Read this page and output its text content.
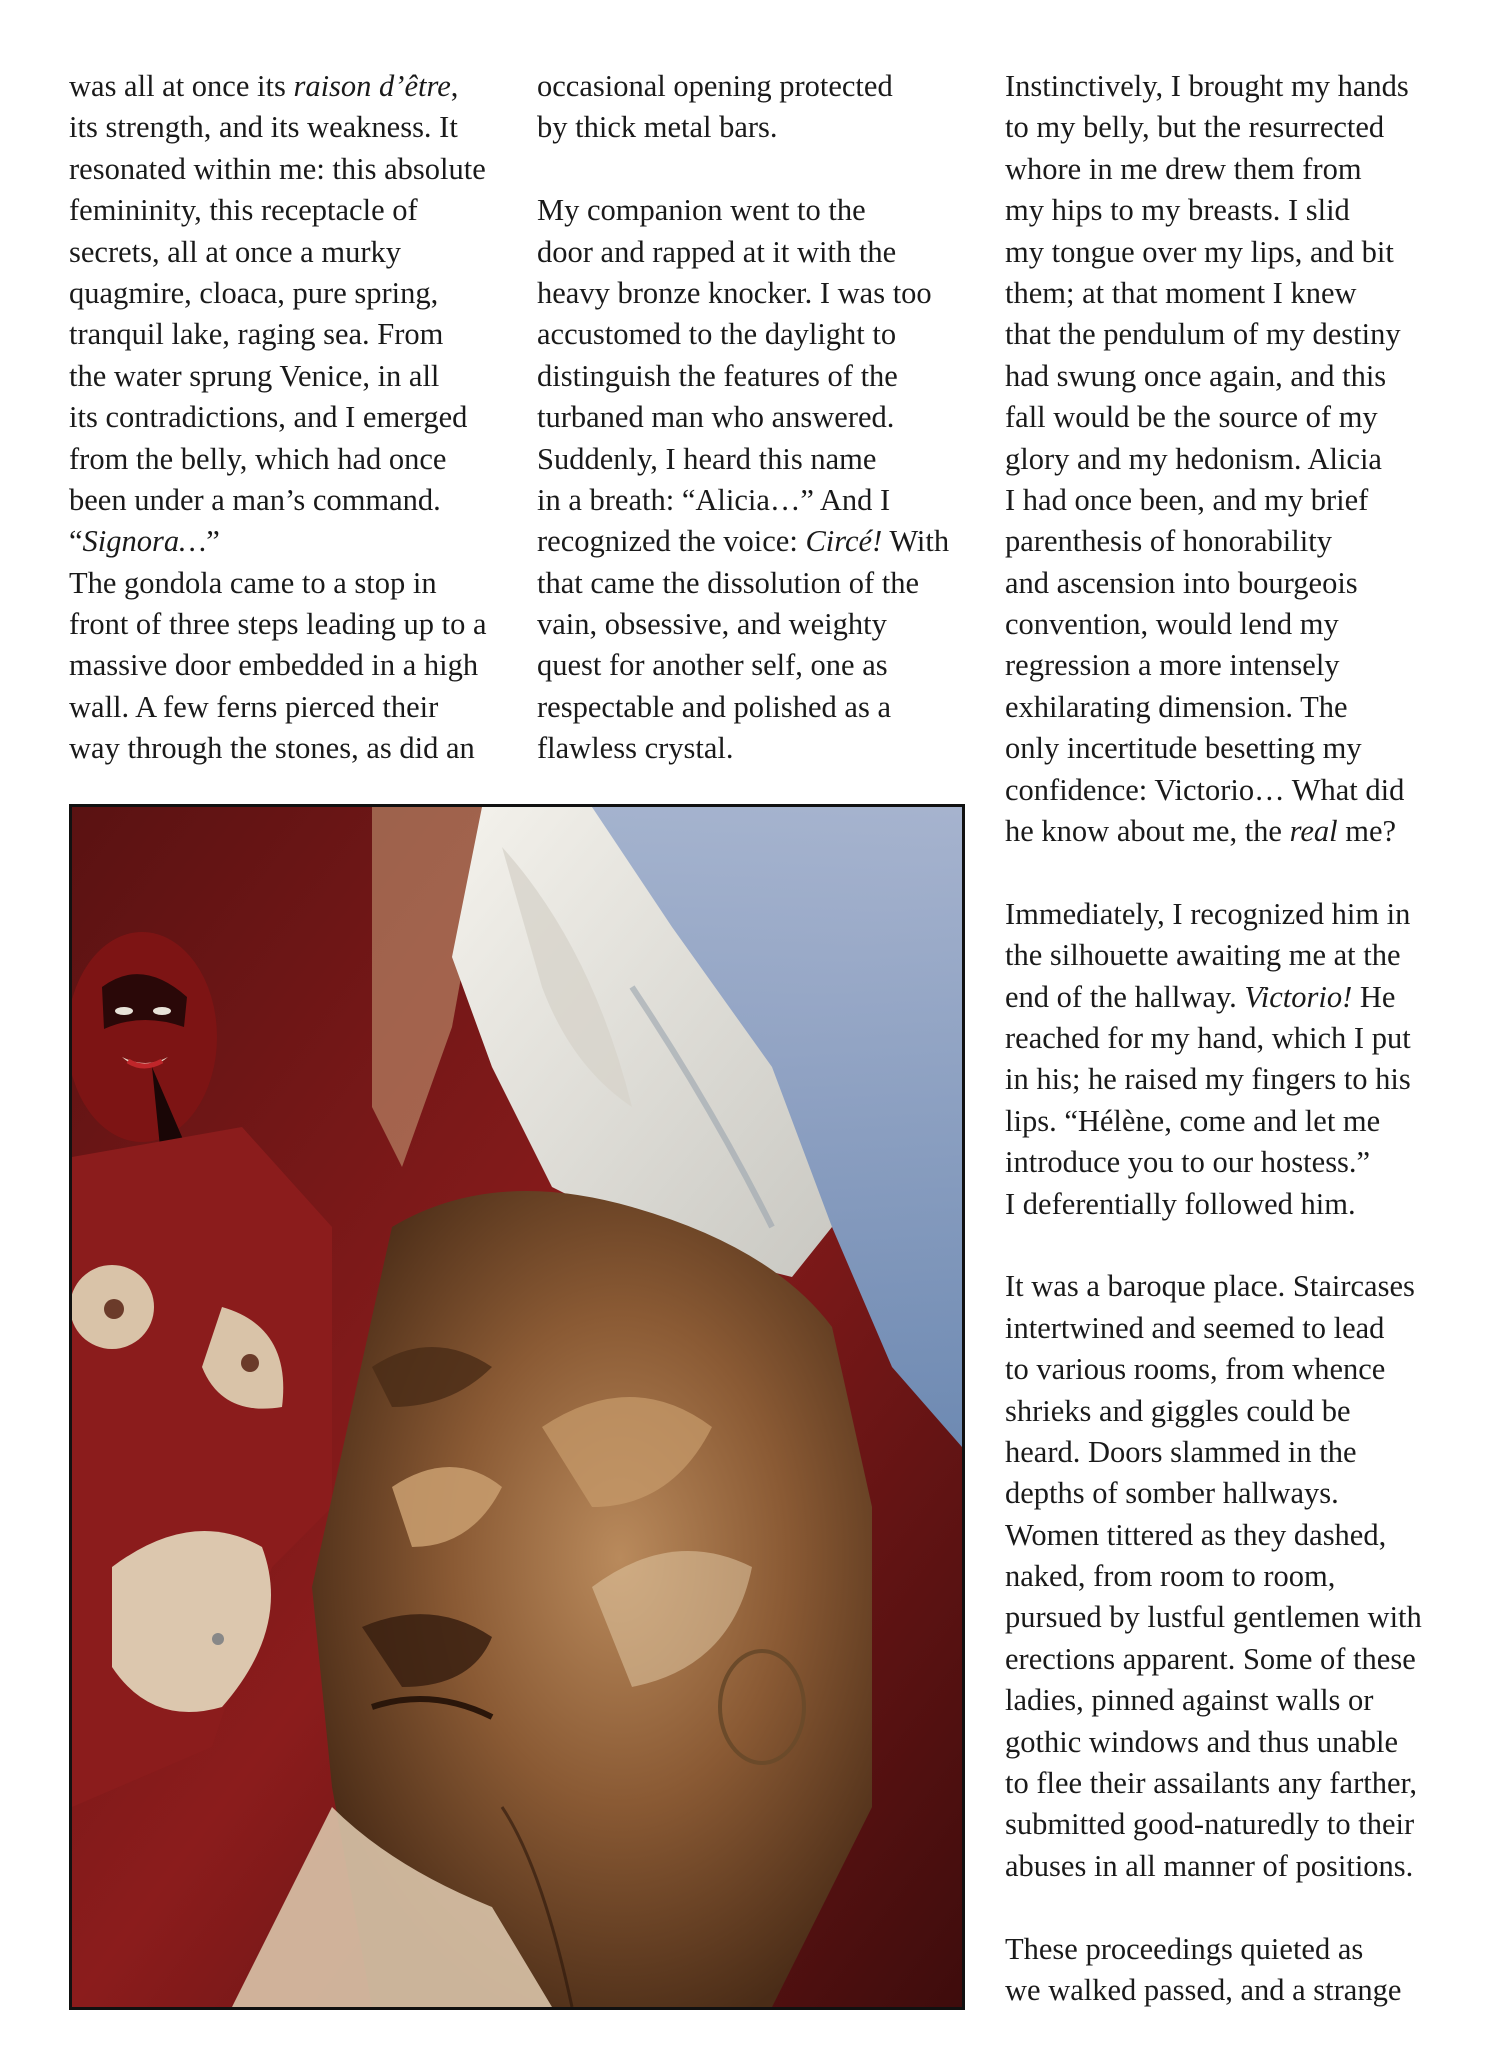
was all at once its raison d’être,
its strength, and its weakness. It
resonated within me: this absolute
femininity, this receptacle of
secrets, all at once a murky
quagmire, cloaca, pure spring,
tranquil lake, raging sea. From
the water sprung Venice, in all
its contradictions, and I emerged
from the belly, which had once
been under a man’s command.
“Signora…”
The gondola came to a stop in
front of three steps leading up to a
massive door embedded in a high
wall. A few ferns pierced their
way through the stones, as did an
occasional opening protected
by thick metal bars.
My companion went to the
door and rapped at it with the
heavy bronze knocker. I was too
accustomed to the daylight to
distinguish the features of the
turbaned man who answered.
Suddenly, I heard this name
in a breath: “Alicia…” And I
recognized the voice: Circé! With
that came the dissolution of the
vain, obsessive, and weighty
quest for another self, one as
respectable and polished as a
flawless crystal.
Instinctively, I brought my hands
to my belly, but the resurrected
whore in me drew them from
my hips to my breasts. I slid
my tongue over my lips, and bit
them; at that moment I knew
that the pendulum of my destiny
had swung once again, and this
fall would be the source of my
glory and my hedonism. Alicia
I had once been, and my brief
parenthesis of honorability
and ascension into bourgeois
convention, would lend my
regression a more intensely
exhilarating dimension. The
only incertitude besetting my
confidence: Victorio… What did
he know about me, the real me?
Immediately, I recognized him in
the silhouette awaiting me at the
end of the hallway. Victorio! He
reached for my hand, which I put
in his; he raised my fingers to his
lips. “Hélène, come and let me
introduce you to our hostess.”
I deferentially followed him.
It was a baroque place. Staircases
intertwined and seemed to lead
to various rooms, from whence
shrieks and giggles could be
heard. Doors slammed in the
depths of somber hallways.
Women tittered as they dashed,
naked, from room to room,
pursued by lustful gentlemen with
erections apparent. Some of these
ladies, pinned against walls or
gothic windows and thus unable
to flee their assailants any farther,
submitted good-naturedly to their
abuses in all manner of positions.
These proceedings quieted as
we walked passed, and a strange
